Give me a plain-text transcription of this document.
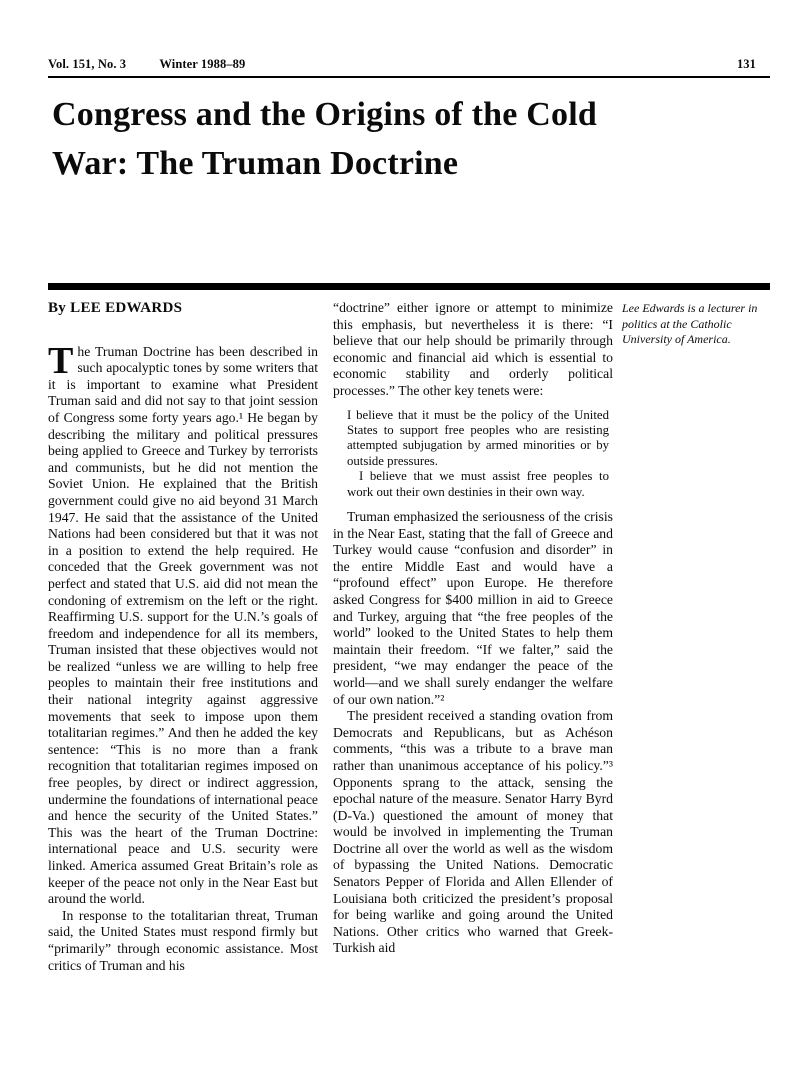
Vol. 151, No. 3	Winter 1988–89	131
Congress and the Origins of the Cold
War: The Truman Doctrine
By LEE EDWARDS

The Truman Doctrine has been described in such apocalyptic tones by some writers that it is important to examine what President Truman said and did not say to that joint session of Congress some forty years ago.¹ He began by describing the military and political pressures being applied to Greece and Turkey by terrorists and communists, but he did not mention the Soviet Union. He explained that the British government could give no aid beyond 31 March 1947. He said that the assistance of the United Nations had been considered but that it was not in a position to extend the help required. He conceded that the Greek government was not perfect and stated that U.S. aid did not mean the condoning of extremism on the left or the right. Reaffirming U.S. support for the U.N.’s goals of freedom and independence for all its members, Truman insisted that these objectives would not be realized “unless we are willing to help free peoples to maintain their free institutions and their national integrity against aggressive movements that seek to impose upon them totalitarian regimes.” And then he added the key sentence: “This is no more than a frank recognition that totalitarian regimes imposed on free peoples, by direct or indirect aggression, undermine the foundations of international peace and hence the security of the United States.” This was the heart of the Truman Doctrine: international peace and U.S. security were linked. America assumed Great Britain’s role as keeper of the peace not only in the Near East but around the world.

In response to the totalitarian threat, Truman said, the United States must respond firmly but “primarily” through economic assistance. Most critics of Truman and his

“doctrine” either ignore or attempt to minimize this emphasis, but nevertheless it is there: “I believe that our help should be primarily through economic and financial aid which is essential to economic stability and orderly political processes.” The other key tenets were:

I believe that it must be the policy of the United States to support free peoples who are resisting attempted subjugation by armed minorities or by outside pressures.

I believe that we must assist free peoples to work out their own destinies in their own way.

Truman emphasized the seriousness of the crisis in the Near East, stating that the fall of Greece and Turkey would cause “confusion and disorder” in the entire Middle East and would have a “profound effect” upon Europe. He therefore asked Congress for $400 million in aid to Greece and Turkey, arguing that “the free peoples of the world” looked to the United States to help them maintain their freedom. “If we falter,” said the president, “we may endanger the peace of the world—and we shall surely endanger the welfare of our own nation.”²

The president received a standing ovation from Democrats and Republicans, but as Achéson comments, “this was a tribute to a brave man rather than unanimous acceptance of his policy.”³ Opponents sprang to the attack, sensing the epochal nature of the measure. Senator Harry Byrd (D-Va.) questioned the amount of money that would be involved in implementing the Truman Doctrine all over the world as well as the wisdom of bypassing the United Nations. Democratic Senators Pepper of Florida and Allen Ellender of Louisiana both criticized the president’s proposal for being warlike and going around the United Nations. Other critics who warned that Greek-Turkish aid

Lee Edwards is a lecturer in politics at the Catholic University of America.
